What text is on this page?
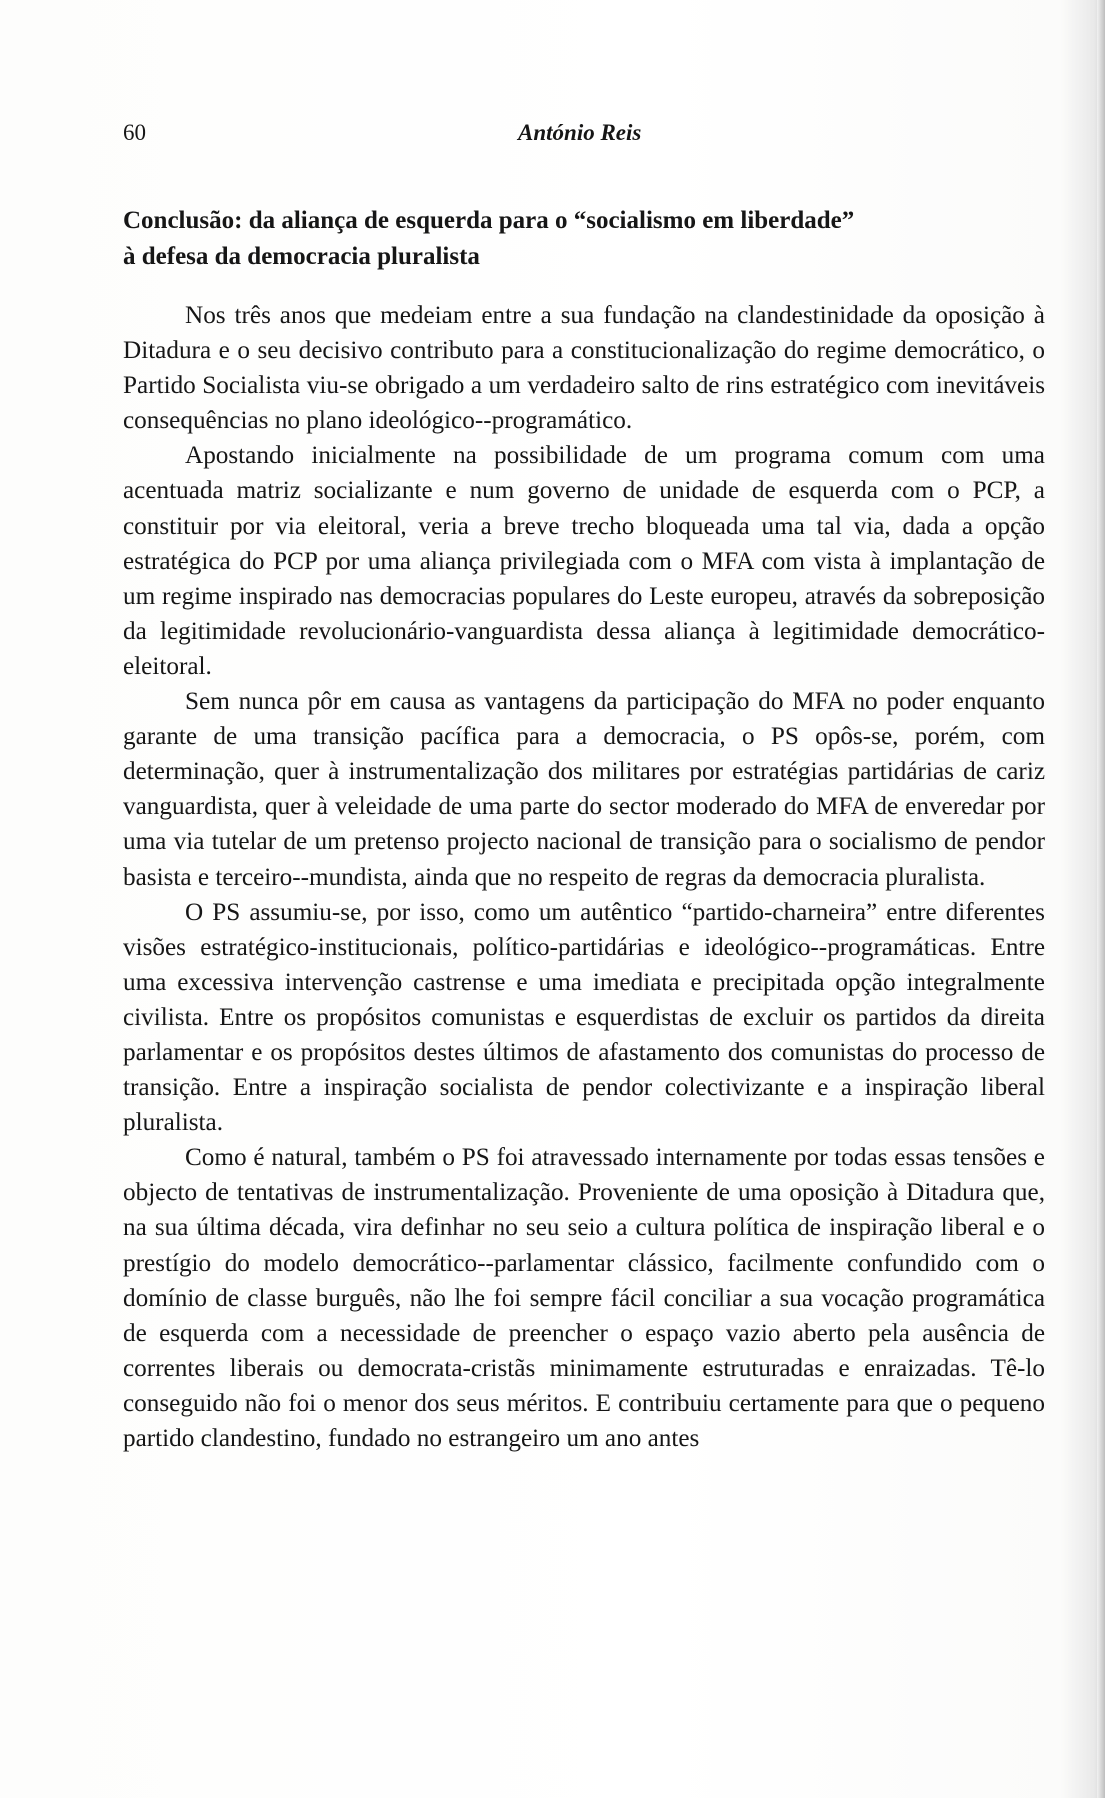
60	António Reis
Conclusão: da aliança de esquerda para o “socialismo em liberdade”
à defesa da democracia pluralista

Nos três anos que medeiam entre a sua fundação na clandestinidade da oposição à Ditadura e o seu decisivo contributo para a constitucionalização do regime democrático, o Partido Socialista viu-se obrigado a um verdadeiro salto de rins estratégico com inevitáveis consequências no plano ideológico--programático.

Apostando inicialmente na possibilidade de um programa comum com uma acentuada matriz socializante e num governo de unidade de esquerda com o PCP, a constituir por via eleitoral, veria a breve trecho bloqueada uma tal via, dada a opção estratégica do PCP por uma aliança privilegiada com o MFA com vista à implantação de um regime inspirado nas democracias populares do Leste europeu, através da sobreposição da legitimidade revolucionário-vanguardista dessa aliança à legitimidade democrático-eleitoral.

Sem nunca pôr em causa as vantagens da participação do MFA no poder enquanto garante de uma transição pacífica para a democracia, o PS opôs-se, porém, com determinação, quer à instrumentalização dos militares por estratégias partidárias de cariz vanguardista, quer à veleidade de uma parte do sector moderado do MFA de enveredar por uma via tutelar de um pretenso projecto nacional de transição para o socialismo de pendor basista e terceiro--mundista, ainda que no respeito de regras da democracia pluralista.

O PS assumiu-se, por isso, como um autêntico “partido-charneira” entre diferentes visões estratégico-institucionais, político-partidárias e ideológico--programáticas. Entre uma excessiva intervenção castrense e uma imediata e precipitada opção integralmente civilista. Entre os propósitos comunistas e esquerdistas de excluir os partidos da direita parlamentar e os propósitos destes últimos de afastamento dos comunistas do processo de transição. Entre a inspiração socialista de pendor colectivizante e a inspiração liberal pluralista.

Como é natural, também o PS foi atravessado internamente por todas essas tensões e objecto de tentativas de instrumentalização. Proveniente de uma oposição à Ditadura que, na sua última década, vira definhar no seu seio a cultura política de inspiração liberal e o prestígio do modelo democrático--parlamentar clássico, facilmente confundido com o domínio de classe burguês, não lhe foi sempre fácil conciliar a sua vocação programática de esquerda com a necessidade de preencher o espaço vazio aberto pela ausência de correntes liberais ou democrata-cristãs minimamente estruturadas e enraizadas. Tê-lo conseguido não foi o menor dos seus méritos. E contribuiu certamente para que o pequeno partido clandestino, fundado no estrangeiro um ano antes
